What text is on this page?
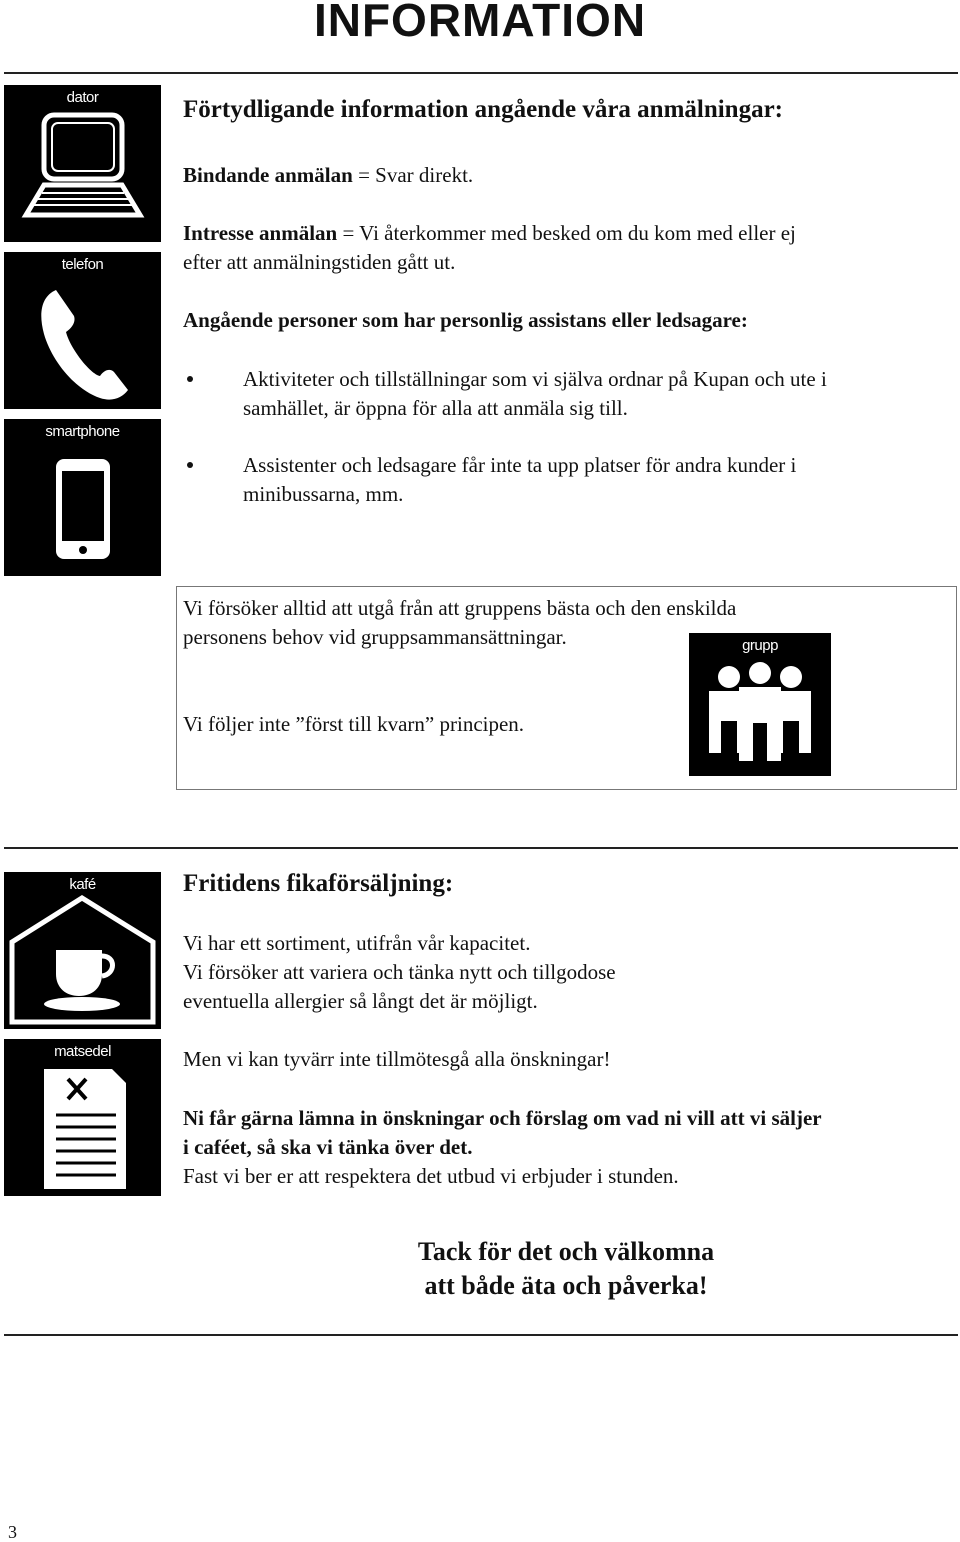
INFORMATION
dator
telefon
smartphone
Förtydligande information angående våra anmälningar:
Bindande anmälan = Svar direkt.
Intresse anmälan = Vi återkommer med besked om du kom med eller ej
efter att anmälningstiden gått ut.
Angående personer som har personlig assistans eller ledsagare:
Aktiviteter och tillställningar som vi själva ordnar på Kupan och ute i
samhället, är öppna för alla att anmäla sig till.
Assistenter och ledsagare får inte ta upp platser för andra kunder i
minibussarna, mm.
Vi försöker alltid att utgå från att gruppens bästa och den enskilda
personens behov vid gruppsammansättningar.
Vi följer inte ”först till kvarn” principen.
grupp
kafé
matsedel
Fritidens fikaförsäljning:
Vi har ett sortiment, utifrån vår kapacitet.
Vi försöker att variera och tänka nytt och tillgodose
eventuella allergier så långt det är möjligt.
Men vi kan tyvärr inte tillmötesgå alla önskningar!
Ni får gärna lämna in önskningar och förslag om vad ni vill att vi säljer
i caféet, så ska vi tänka över det.
Fast vi ber er att respektera det utbud vi erbjuder i stunden.
Tack för det och välkomna
att både äta och påverka!
3
